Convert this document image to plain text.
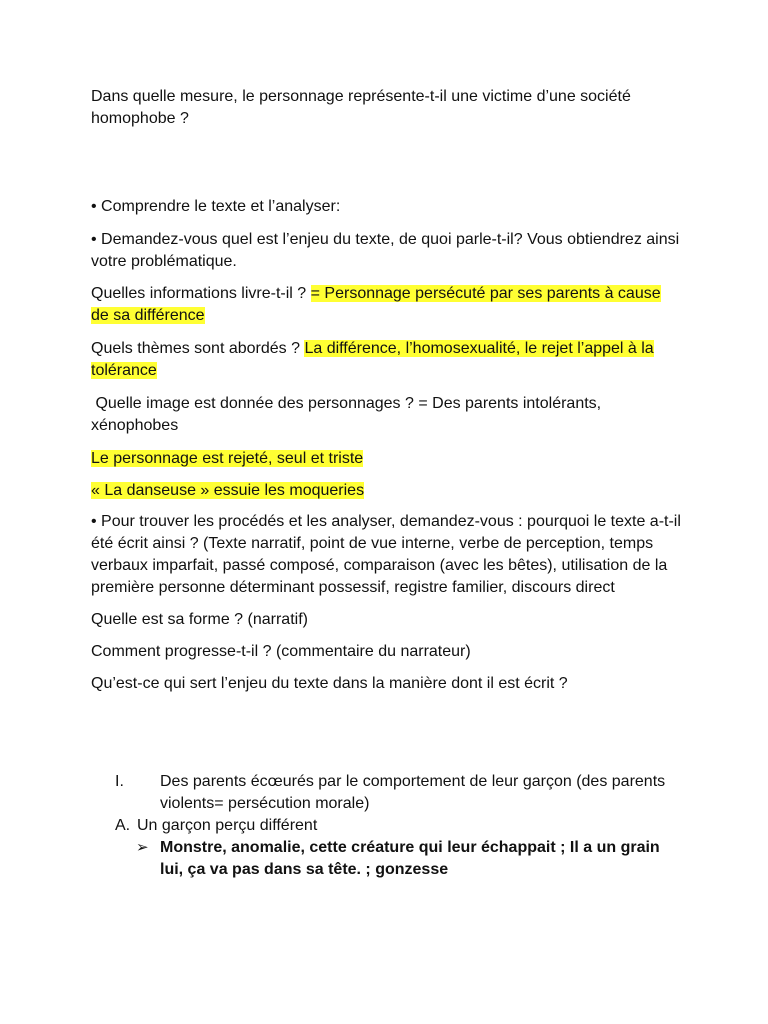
Dans quelle mesure, le personnage représente-t-il une victime d’une société homophobe ?

• Comprendre le texte et l’analyser:

• Demandez-vous quel est l’enjeu du texte, de quoi parle-t-il? Vous obtiendrez ainsi votre problématique.

Quelles informations livre-t-il ? = Personnage persécuté par ses parents à cause de sa différence

Quels thèmes sont abordés ? La différence, l’homosexualité, le rejet l’appel à la tolérance

Quelle image est donnée des personnages ? = Des parents intolérants, xénophobes

Le personnage est rejeté, seul et triste

« La danseuse » essuie les moqueries

• Pour trouver les procédés et les analyser, demandez-vous : pourquoi le texte a-t-il été écrit ainsi ? (Texte narratif, point de vue interne, verbe de perception, temps verbaux imparfait, passé composé, comparaison (avec les bêtes), utilisation de la première personne déterminant possessif, registre familier, discours direct

Quelle est sa forme ? (narratif)

Comment progresse-t-il ? (commentaire du narrateur)

Qu’est-ce qui sert l’enjeu du texte dans la manière dont il est écrit ?

I. Des parents écœurés par le comportement de leur garçon (des parents violents= persécution morale)
A. Un garçon perçu différent
➢ Monstre, anomalie, cette créature qui leur échappait ; Il a un grain lui, ça va pas dans sa tête. ; gonzesse
